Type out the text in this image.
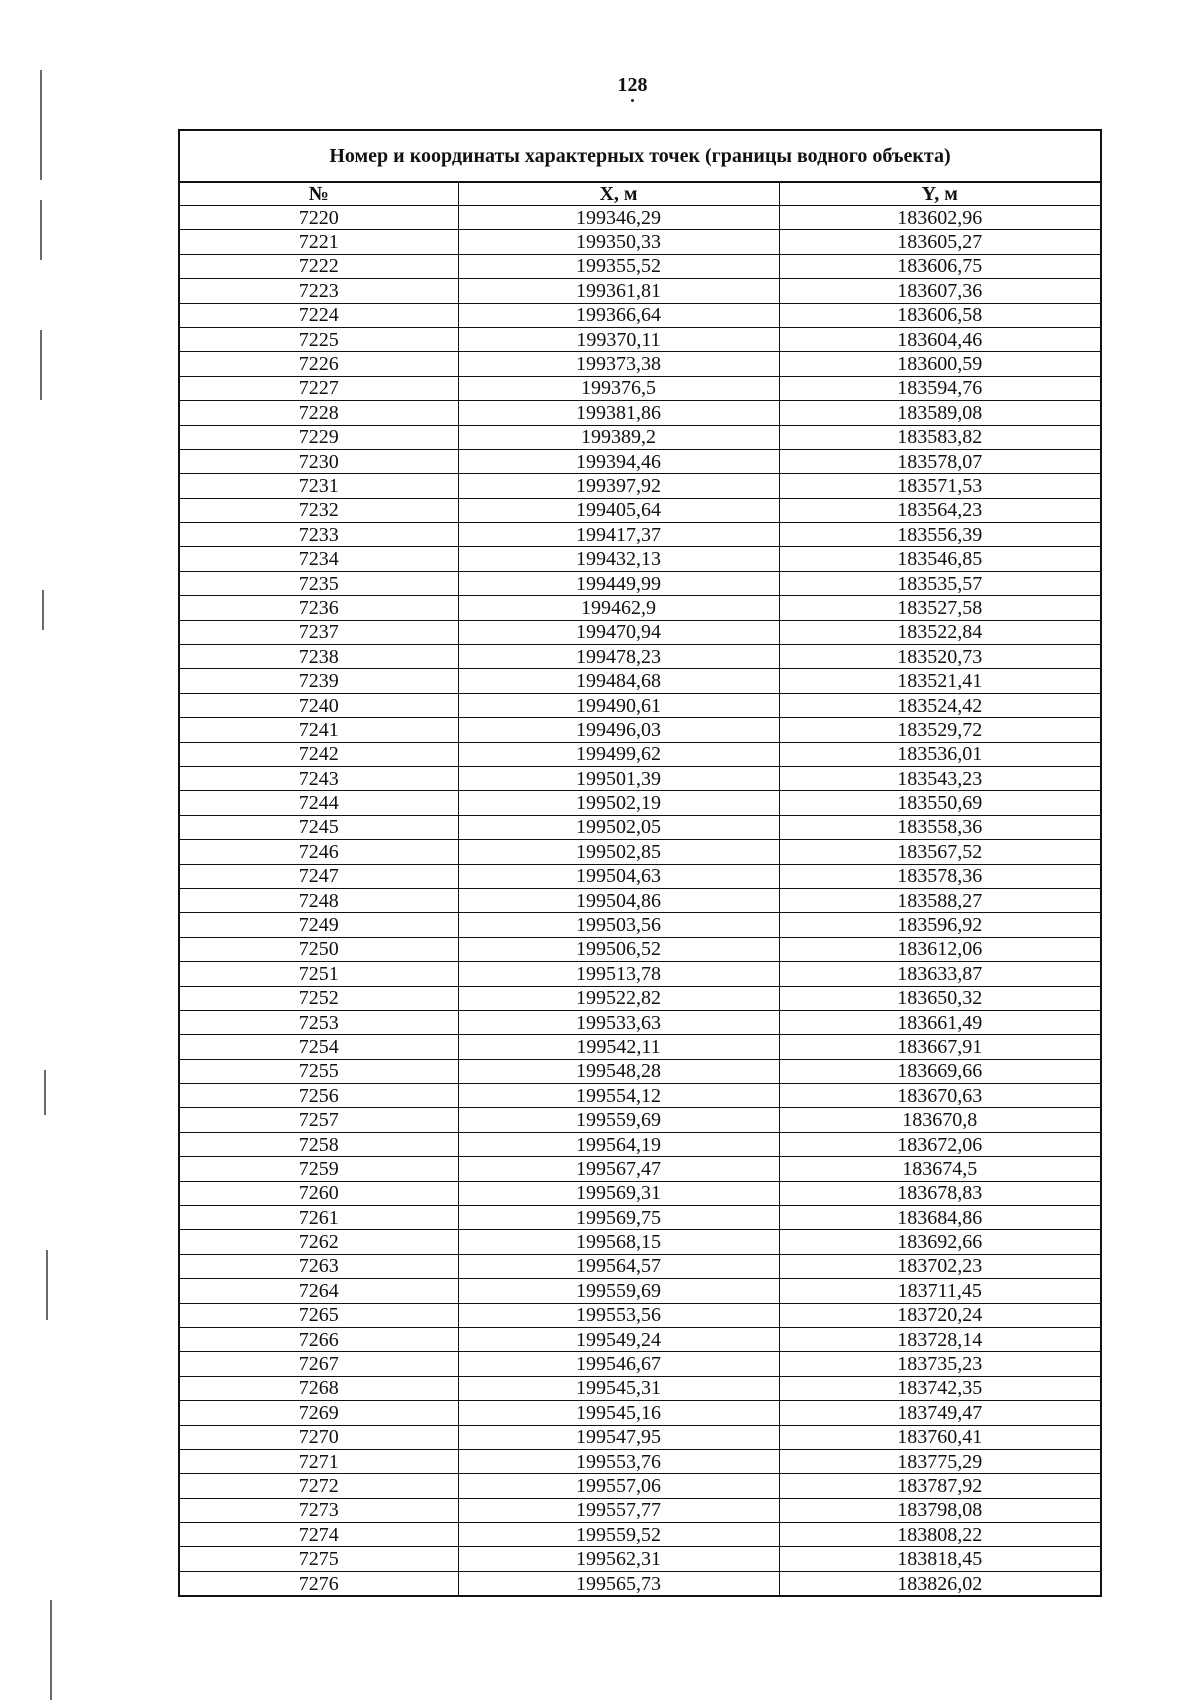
128
Номер и координаты характерных точек (границы водного объекта)		
№	X, м	Y, м
7220	199346,29	183602,96
7221	199350,33	183605,27
7222	199355,52	183606,75
7223	199361,81	183607,36
7224	199366,64	183606,58
7225	199370,11	183604,46
7226	199373,38	183600,59
7227	199376,5	183594,76
7228	199381,86	183589,08
7229	199389,2	183583,82
7230	199394,46	183578,07
7231	199397,92	183571,53
7232	199405,64	183564,23
7233	199417,37	183556,39
7234	199432,13	183546,85
7235	199449,99	183535,57
7236	199462,9	183527,58
7237	199470,94	183522,84
7238	199478,23	183520,73
7239	199484,68	183521,41
7240	199490,61	183524,42
7241	199496,03	183529,72
7242	199499,62	183536,01
7243	199501,39	183543,23
7244	199502,19	183550,69
7245	199502,05	183558,36
7246	199502,85	183567,52
7247	199504,63	183578,36
7248	199504,86	183588,27
7249	199503,56	183596,92
7250	199506,52	183612,06
7251	199513,78	183633,87
7252	199522,82	183650,32
7253	199533,63	183661,49
7254	199542,11	183667,91
7255	199548,28	183669,66
7256	199554,12	183670,63
7257	199559,69	183670,8
7258	199564,19	183672,06
7259	199567,47	183674,5
7260	199569,31	183678,83
7261	199569,75	183684,86
7262	199568,15	183692,66
7263	199564,57	183702,23
7264	199559,69	183711,45
7265	199553,56	183720,24
7266	199549,24	183728,14
7267	199546,67	183735,23
7268	199545,31	183742,35
7269	199545,16	183749,47
7270	199547,95	183760,41
7271	199553,76	183775,29
7272	199557,06	183787,92
7273	199557,77	183798,08
7274	199559,52	183808,22
7275	199562,31	183818,45
7276	199565,73	183826,02
